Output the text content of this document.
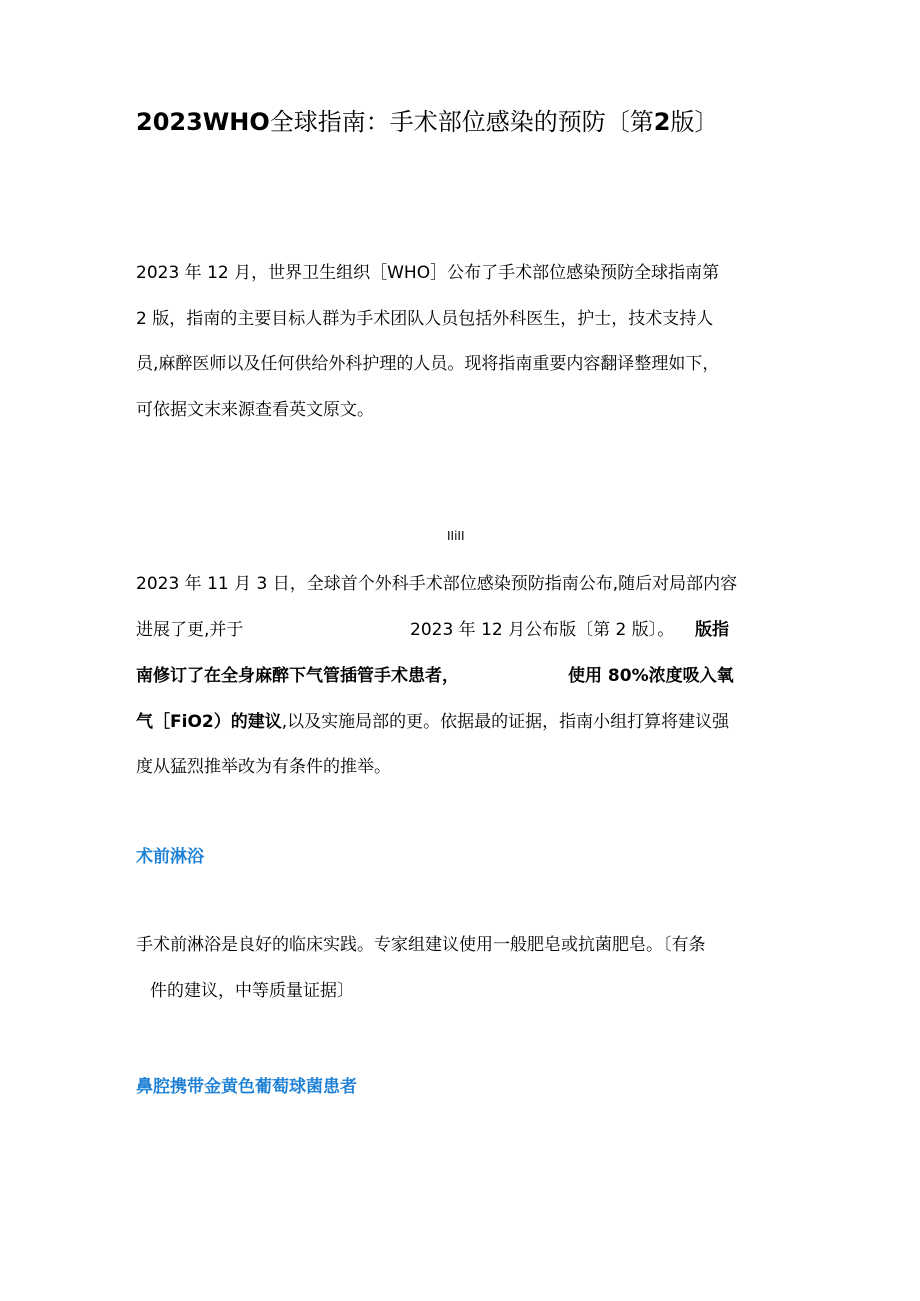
2023WHO全球指南：手术部位感染的预防〔第2版〕

2023 年 12 月，世界卫生组织［WHO］公布了手术部位感染预防全球指南第

2 版，指南的主要目标人群为手术团队人员包括外科医生，护士，技术支持人

员,麻醉医师以及任何供给外科护理的人员。现将指南重要内容翻译整理如下，

可依据文末来源查看英文原文。

IIiII

2023 年 11 月 3 日，全球首个外科手术部位感染预防指南公布,随后对局部内容

进展了更,并于	2023 年 12 月公布版〔第 2 版〕。 版指

南修订了在全身麻醉下气管插管手术患者，	使用 80%浓度吸入氧

气［FiO2）的建议,以及实施局部的更。依据最的证据，指南小组打算将建议强

度从猛烈推举改为有条件的推举。

术前淋浴

手术前淋浴是良好的临床实践。专家组建议使用一般肥皂或抗菌肥皂。〔有条

件的建议，中等质量证据〕

鼻腔携带金黄色葡萄球菌患者
